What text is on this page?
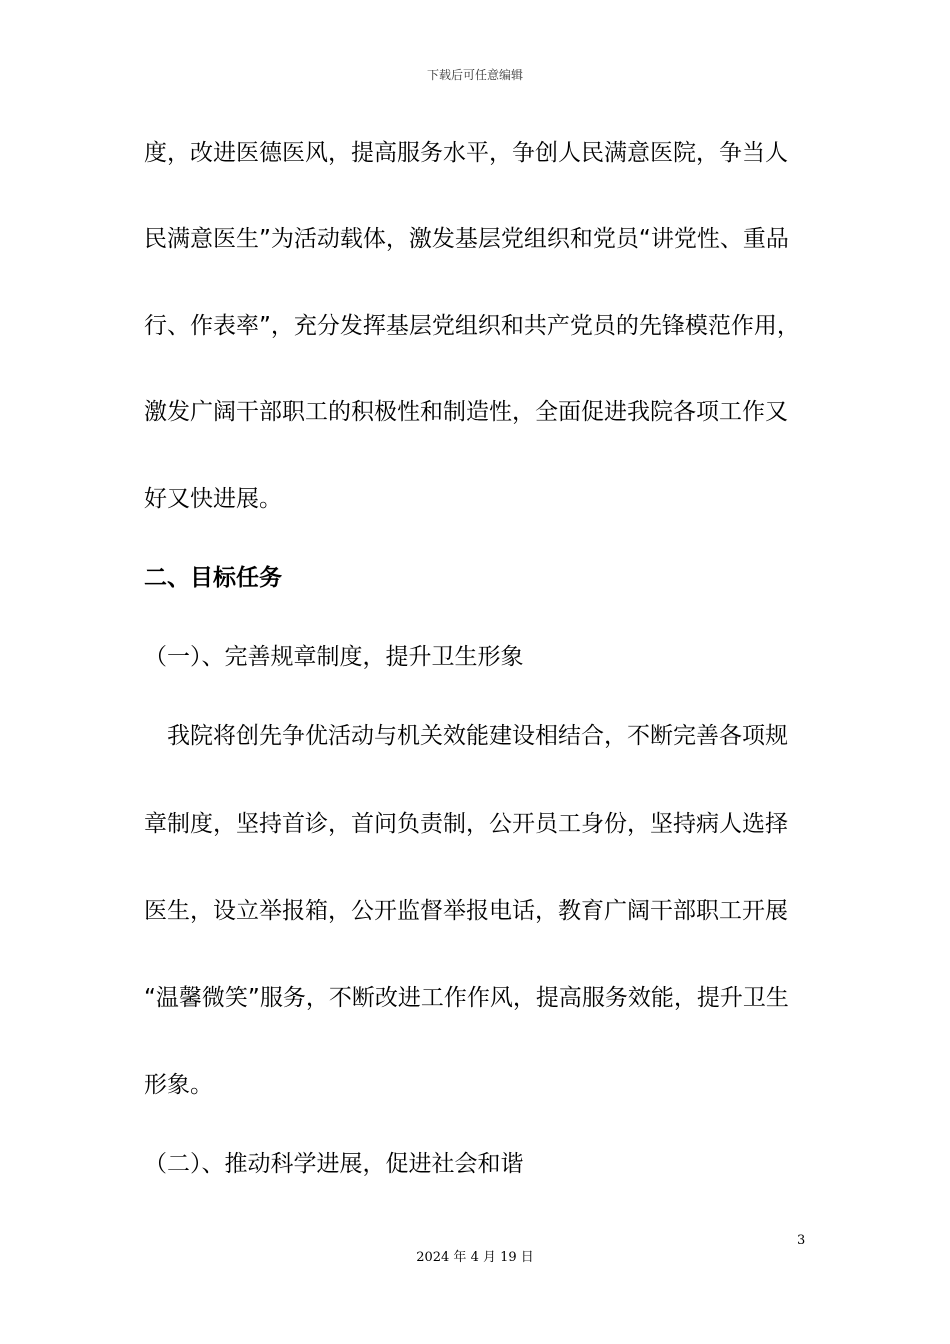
下载后可任意编辑
度，改进医德医风，提高服务水平，争创人民满意医院，争当人
民满意医生”为活动载体，激发基层党组织和党员“讲党性、重品
行、作表率”，充分发挥基层党组织和共产党员的先锋模范作用，
激发广阔干部职工的积极性和制造性，全面促进我院各项工作又
好又快进展。
二、目标任务
（一）、完善规章制度，提升卫生形象
　我院将创先争优活动与机关效能建设相结合，不断完善各项规
章制度，坚持首诊，首问负责制，公开员工身份，坚持病人选择
医生，设立举报箱，公开监督举报电话，教育广阔干部职工开展
“温馨微笑”服务，不断改进工作作风，提高服务效能，提升卫生
形象。
（二）、推动科学进展，促进社会和谐
3
2024 年 4 月 19 日
